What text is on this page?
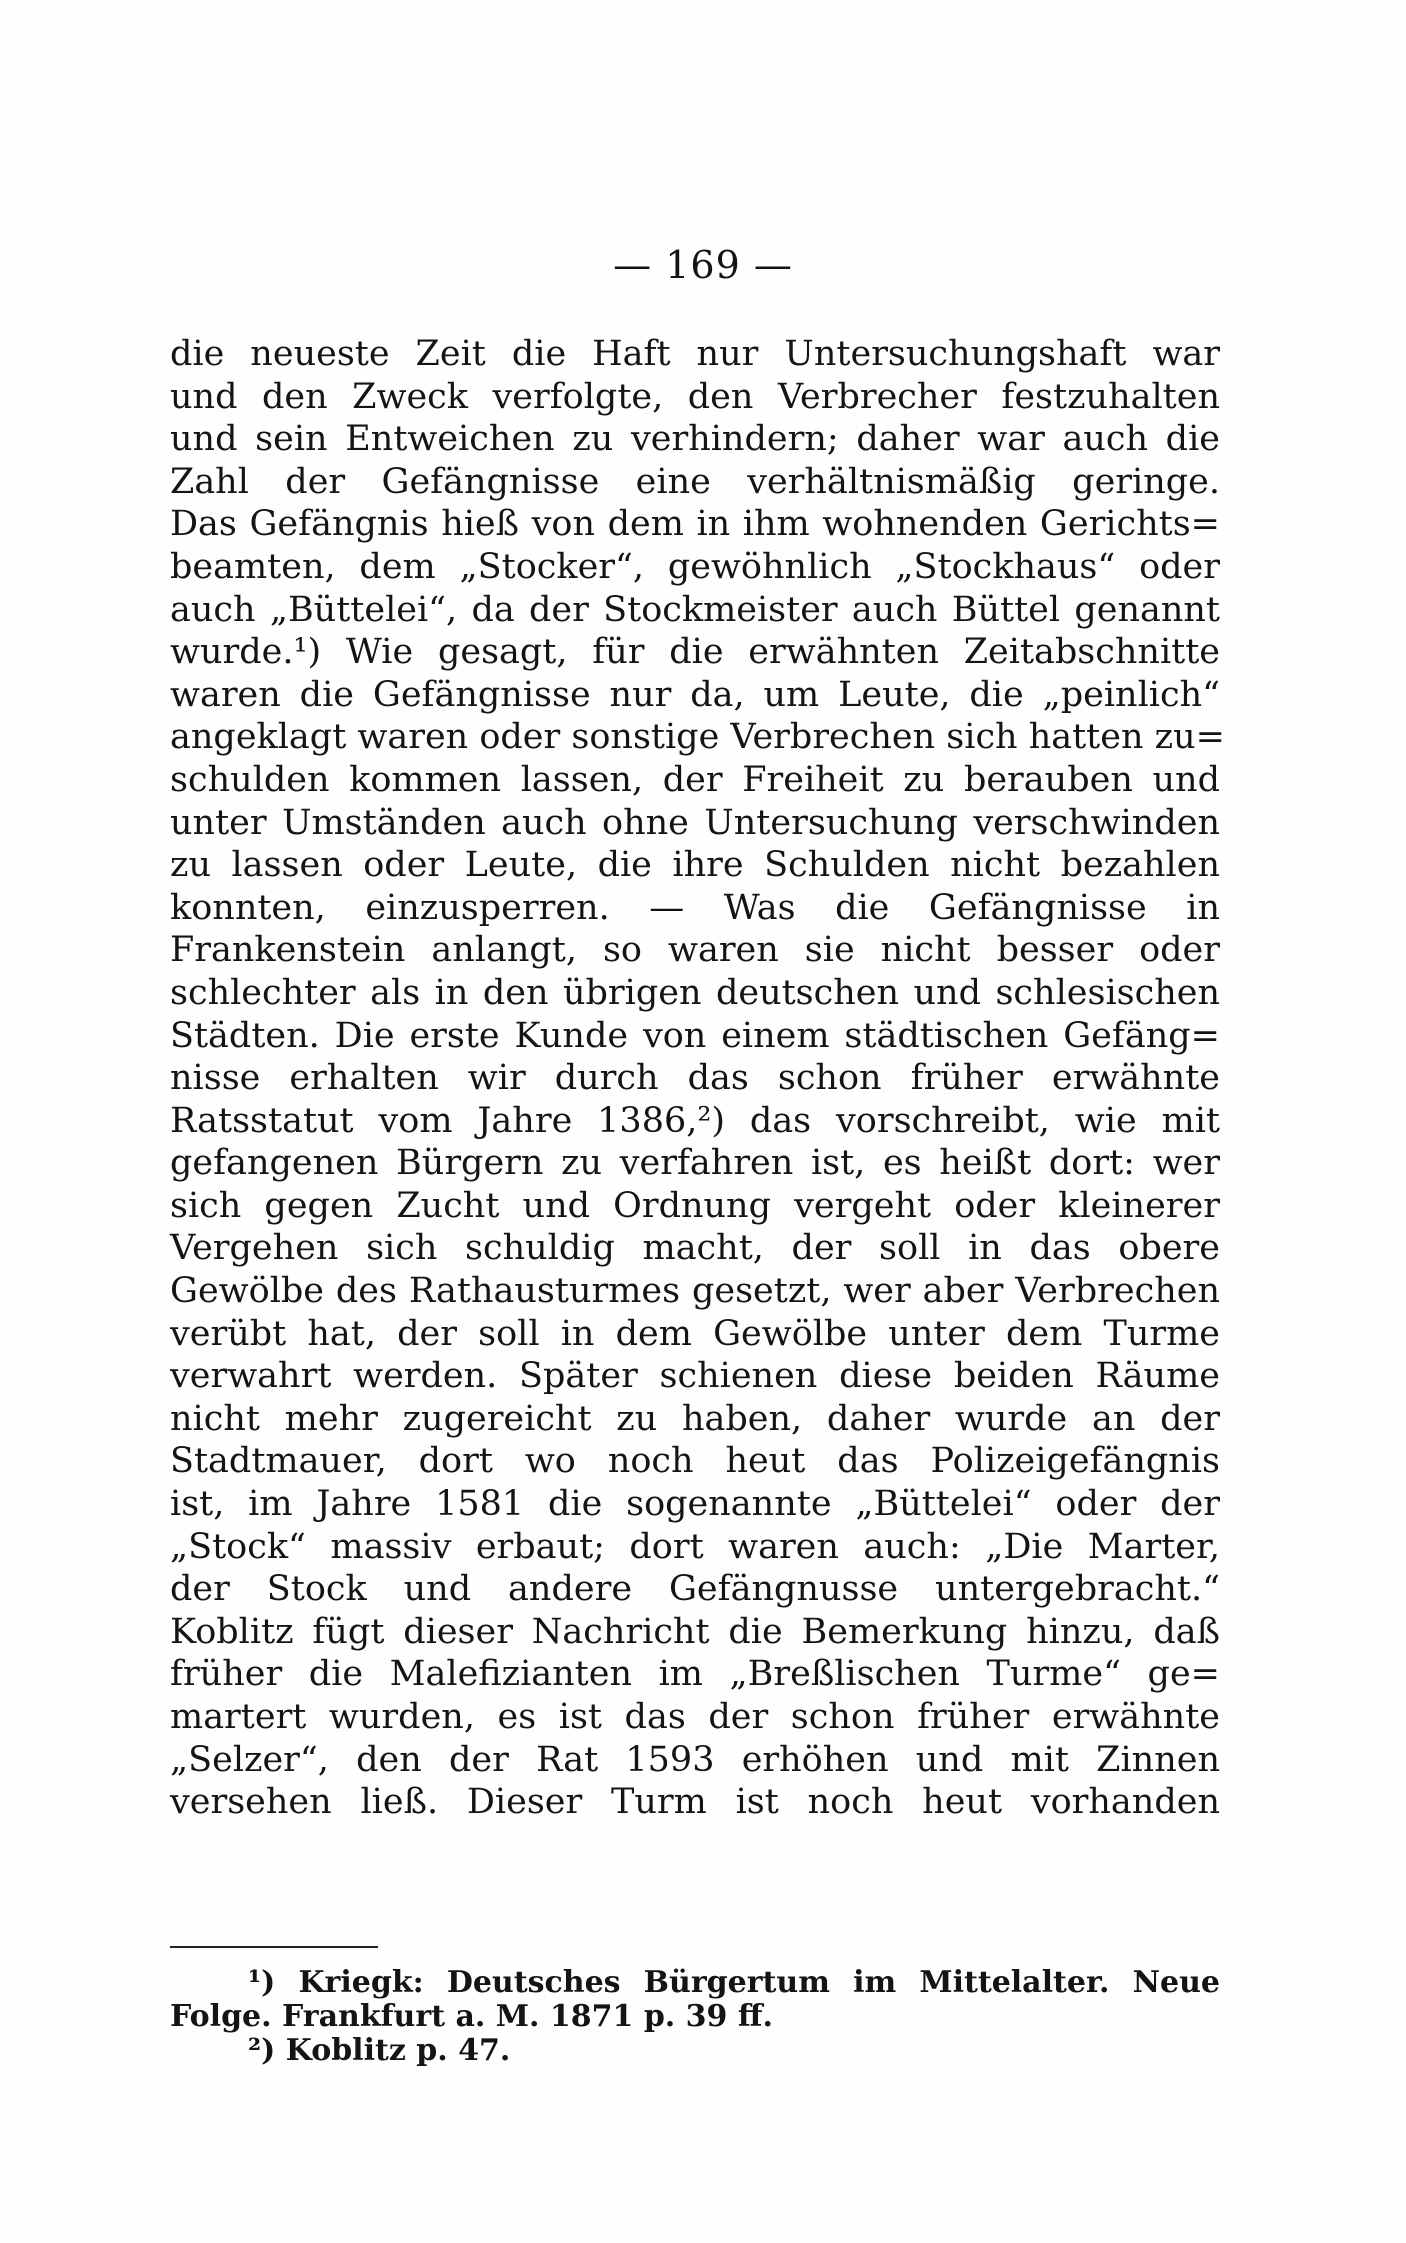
— 169 —
die neueste Zeit die Haft nur Untersuchungshaft war
und den Zweck verfolgte, den Verbrecher festzuhalten
und sein Entweichen zu verhindern; daher war auch die
Zahl der Gefängnisse eine verhältnismäßig geringe.
Das Gefängnis hieß von dem in ihm wohnenden Gerichts=
beamten, dem „Stocker“, gewöhnlich „Stockhaus“ oder
auch „Büttelei“, da der Stockmeister auch Büttel genannt
wurde.¹) Wie gesagt, für die erwähnten Zeitabschnitte
waren die Gefängnisse nur da, um Leute, die „peinlich“
angeklagt waren oder sonstige Verbrechen sich hatten zu=
schulden kommen lassen, der Freiheit zu berauben und
unter Umständen auch ohne Untersuchung verschwinden
zu lassen oder Leute, die ihre Schulden nicht bezahlen
konnten, einzusperren. — Was die Gefängnisse in
Frankenstein anlangt, so waren sie nicht besser oder
schlechter als in den übrigen deutschen und schlesischen
Städten. Die erste Kunde von einem städtischen Gefäng=
nisse erhalten wir durch das schon früher erwähnte
Ratsstatut vom Jahre 1386,²) das vorschreibt, wie mit
gefangenen Bürgern zu verfahren ist, es heißt dort: wer
sich gegen Zucht und Ordnung vergeht oder kleinerer
Vergehen sich schuldig macht, der soll in das obere
Gewölbe des Rathausturmes gesetzt, wer aber Verbrechen
verübt hat, der soll in dem Gewölbe unter dem Turme
verwahrt werden. Später schienen diese beiden Räume
nicht mehr zugereicht zu haben, daher wurde an der
Stadtmauer, dort wo noch heut das Polizeigefängnis
ist, im Jahre 1581 die sogenannte „Büttelei“ oder der
„Stock“ massiv erbaut; dort waren auch: „Die Marter,
der Stock und andere Gefängnusse untergebracht.“
Koblitz fügt dieser Nachricht die Bemerkung hinzu, daß
früher die Malefizianten im „Breßlischen Turme“ ge=
martert wurden, es ist das der schon früher erwähnte
„Selzer“, den der Rat 1593 erhöhen und mit Zinnen
versehen ließ. Dieser Turm ist noch heut vorhanden
¹) Kriegk: Deutsches Bürgertum im Mittelalter. Neue
Folge. Frankfurt a. M. 1871 p. 39 ff.
²) Koblitz p. 47.
